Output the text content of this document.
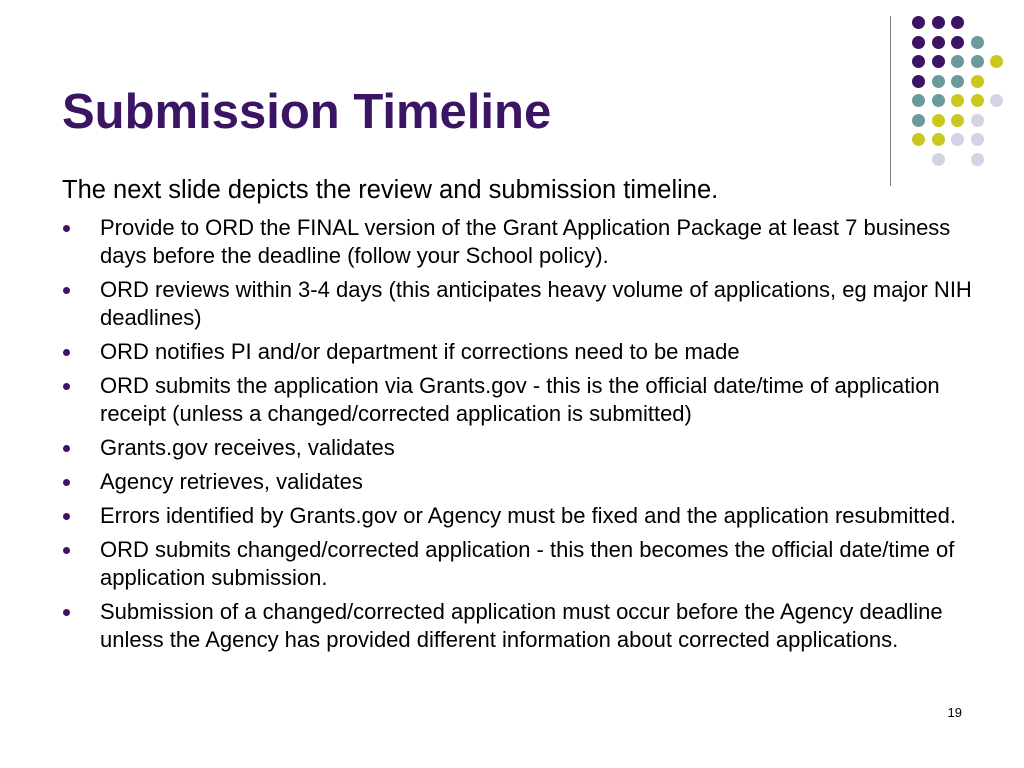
Submission Timeline

The next slide depicts the review and submission timeline.

Provide to ORD the FINAL version of the Grant Application Package at least 7 business days before the deadline (follow your School policy).
ORD reviews within 3-4 days (this anticipates heavy volume of applications, eg major NIH deadlines)
ORD notifies PI and/or department if corrections need to be made
ORD submits the application via Grants.gov - this is the official date/time of application receipt (unless a changed/corrected application is submitted)
Grants.gov receives, validates
Agency retrieves, validates
Errors identified by Grants.gov or Agency must be fixed and the application resubmitted.
ORD submits changed/corrected application - this then becomes the official date/time of application submission.
Submission of a changed/corrected application must occur before the Agency deadline unless the Agency has provided different information about corrected applications.
19
